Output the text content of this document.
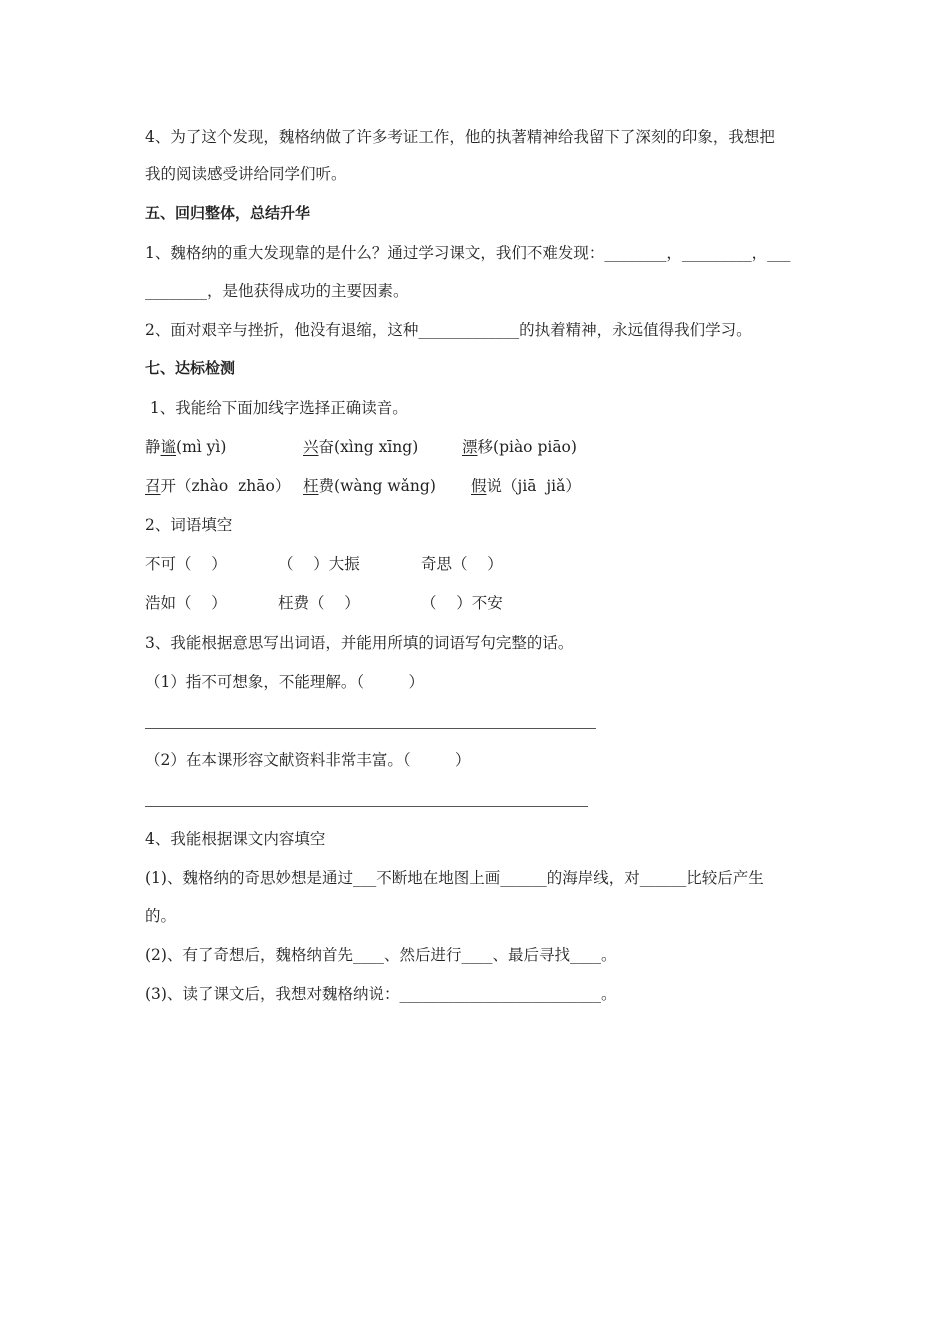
4、为了这个发现，魏格纳做了许多考证工作，他的执著精神给我留下了深刻的印象，我想把
我的阅读感受讲给同学们听。
五、回归整体，总结升华
1、魏格纳的重大发现靠的是什么？通过学习课文，我们不难发现：________，_________，___
________，是他获得成功的主要因素。
2、面对艰辛与挫折，他没有退缩，这种_____________的执着精神，永远值得我们学习。
七、达标检测
1、我能给下面加线字选择正确读音。
静谧(mì yì)	兴奋(xìng xīng)	漂移(piào piāo)
召开（zhào  zhāo） 枉费(wàng wǎng) 假说（jiā  jiǎ）
2、词语填空
不可（    ）	（    ）大振	奇思（    ）
浩如（    ）	枉费（    ）	（    ）不安
3、我能根据意思写出词语，并能用所填的词语写句完整的话。
（1）指不可想象，不能理解。（         ）
（2）在本课形容文献资料非常丰富。（         ）
4、我能根据课文内容填空
(1)、魏格纳的奇思妙想是通过___不断地在地图上画______的海岸线，对______比较后产生
的。
(2)、有了奇想后，魏格纳首先____、然后进行____、最后寻找____。
(3)、读了课文后，我想对魏格纳说：__________________________。
